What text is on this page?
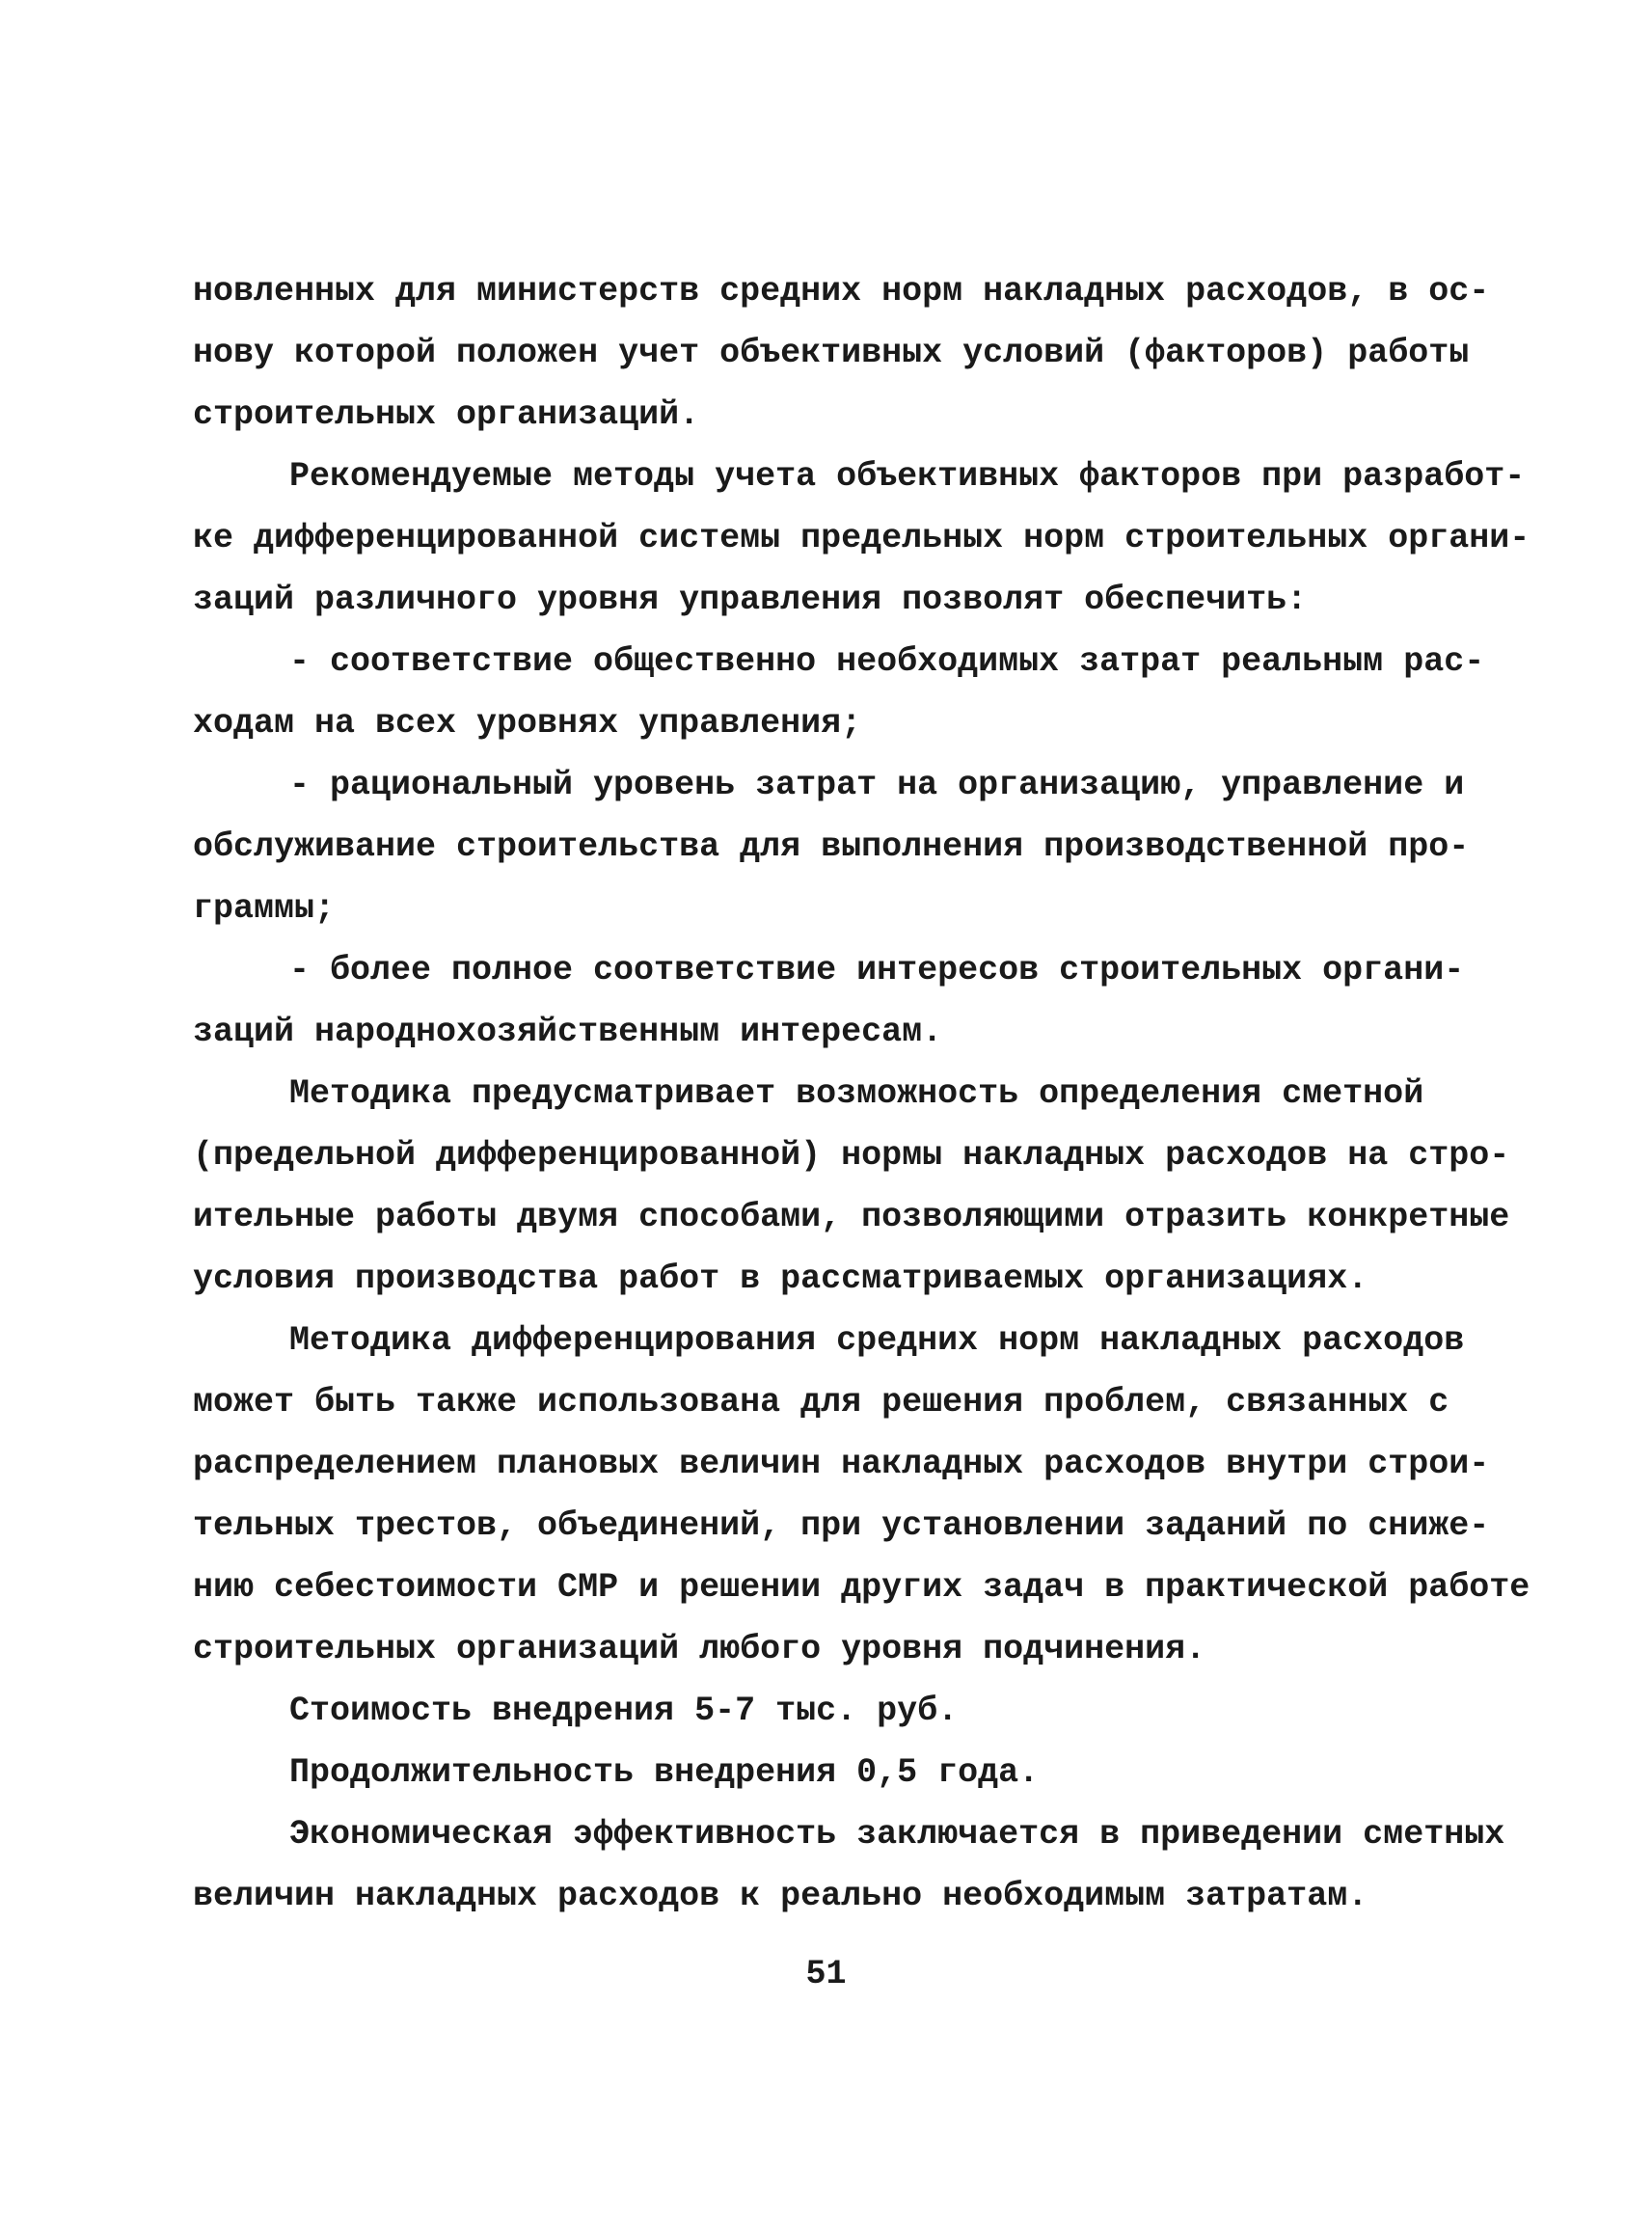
новленных для министерств средних норм накладных расходов, в ос-
нову которой положен учет объективных условий (факторов) работы
строительных организаций.
Рекомендуемые методы учета объективных факторов при разработ-
ке дифференцированной системы предельных норм строительных органи-
заций различного уровня управления позволят обеспечить:
- соответствие общественно необходимых затрат реальным рас-
ходам на всех уровнях управления;
- рациональный уровень затрат на организацию, управление и
обслуживание строительства для выполнения производственной про-
граммы;
- более полное соответствие интересов строительных органи-
заций народнохозяйственным интересам.
Методика предусматривает возможность определения сметной
(предельной дифференцированной) нормы накладных расходов на стро-
ительные работы двумя способами, позволяющими отразить конкретные
условия производства работ в рассматриваемых организациях.
Методика дифференцирования средних норм накладных расходов
может быть также использована для решения проблем, связанных с
распределением плановых величин накладных расходов внутри строи-
тельных трестов, объединений, при установлении заданий по сниже-
нию себестоимости СМР и решении других задач в практической работе
строительных организаций любого уровня подчинения.
Стоимость внедрения 5-7 тыс. руб.
Продолжительность внедрения 0,5 года.
Экономическая эффективность заключается в приведении сметных
величин накладных расходов к реально необходимым затратам.
51
